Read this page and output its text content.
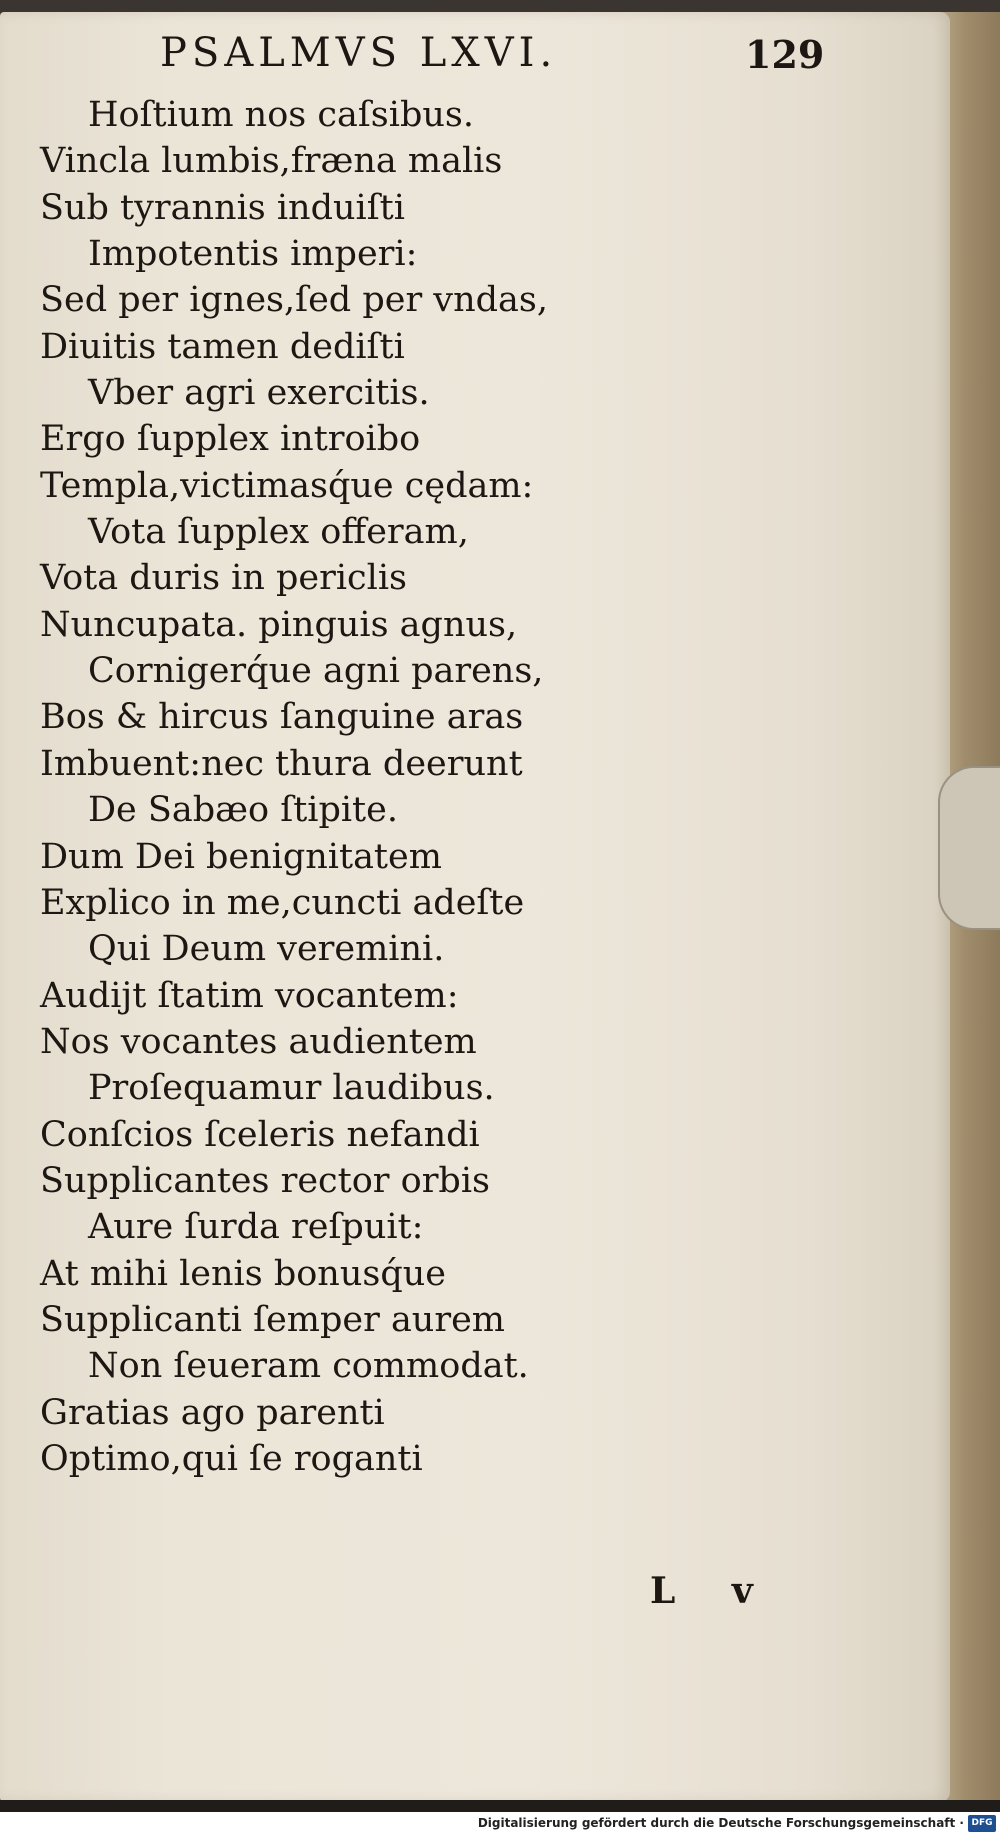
PSALMVS LXVI.	129
Hoſtium nos caſsibus.
Vincla lumbis,fræna malis
Sub tyrannis induiſti
Impotentis imperi:
Sed per ignes,ſed per vndas,
Diuitis tamen dediſti
Vber agri exercitis.
Ergo ſupplex introibo
Templa,victimasq́ue cędam:
Vota ſupplex offeram,
Vota duris in periclis
Nuncupata. pinguis agnus,
Cornigerq́ue agni parens,
Bos & hircus ſanguine aras
Imbuent:nec thura deerunt
De Sabæo ſtipite.
Dum Dei benignitatem
Explico in me,cuncti adeſte
Qui Deum veremini.
Audijt ſtatim vocantem:
Nos vocantes audientem
Proſequamur laudibus.
Conſcios ſceleris nefandi
Supplicantes rector orbis
Aure ſurda reſpuit:
At mihi lenis bonusq́ue
Supplicanti ſemper aurem
Non ſeueram commodat.
Gratias ago parenti
Optimo,qui ſe roganti
L v
Digitalisierung gefördert durch die Deutsche Forschungsgemeinschaft · DFG
